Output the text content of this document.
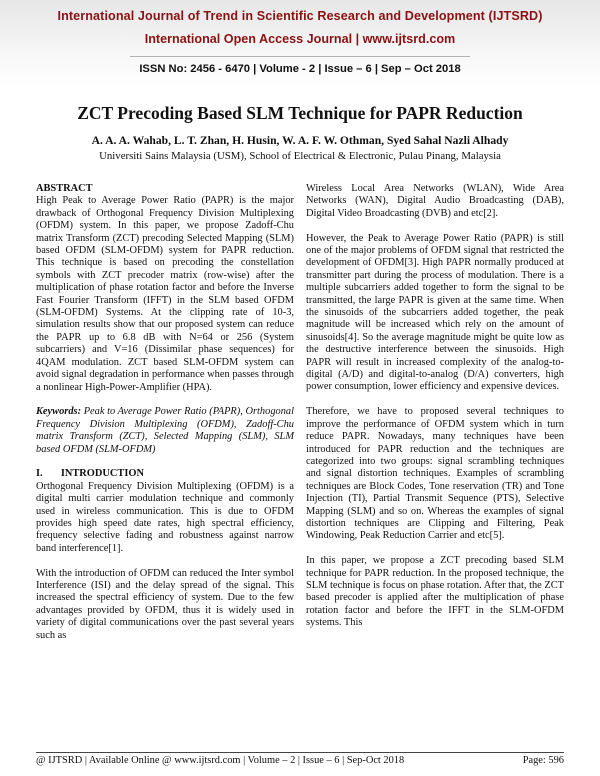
International Journal of Trend in Scientific Research and Development (IJTSRD)
International Open Access Journal | www.ijtsrd.com
ISSN No: 2456 - 6470 | Volume - 2 | Issue – 6 | Sep – Oct 2018
ZCT Precoding Based SLM Technique for PAPR Reduction
A. A. A. Wahab, L. T. Zhan, H. Husin, W. A. F. W. Othman, Syed Sahal Nazli Alhady
Universiti Sains Malaysia (USM), School of Electrical & Electronic, Pulau Pinang, Malaysia
ABSTRACT

High Peak to Average Power Ratio (PAPR) is the major drawback of Orthogonal Frequency Division Multiplexing (OFDM) system. In this paper, we propose Zadoff-Chu matrix Transform (ZCT) precoding Selected Mapping (SLM) based OFDM (SLM-OFDM) system for PAPR reduction. This technique is based on precoding the constellation symbols with ZCT precoder matrix (row-wise) after the multiplication of phase rotation factor and before the Inverse Fast Fourier Transform (IFFT) in the SLM based OFDM (SLM-OFDM) Systems. At the clipping rate of 10-3, simulation results show that our proposed system can reduce the PAPR up to 6.8 dB with N=64 or 256 (System subcarriers) and V=16 (Dissimilar phase sequences) for 4QAM modulation. ZCT based SLM-OFDM system can avoid signal degradation in performance when passes through a nonlinear High-Power-Amplifier (HPA).

Keywords: Peak to Average Power Ratio (PAPR), Orthogonal Frequency Division Multiplexing (OFDM), Zadoff-Chu matrix Transform (ZCT), Selected Mapping (SLM), SLM based OFDM (SLM-OFDM)

I.       INTRODUCTION

Orthogonal Frequency Division Multiplexing (OFDM) is a digital multi carrier modulation technique and commonly used in wireless communication. This is due to OFDM provides high speed date rates, high spectral efficiency, frequency selective fading and robustness against narrow band interference[1].

With the introduction of OFDM can reduced the Inter symbol Interference (ISI) and the delay spread of the signal. This increased the spectral efficiency of system. Due to the few advantages provided by OFDM, thus it is widely used in variety of digital communications over the past several years such as

Wireless Local Area Networks (WLAN), Wide Area Networks (WAN), Digital Audio Broadcasting (DAB), Digital Video Broadcasting (DVB) and etc[2].

However, the Peak to Average Power Ratio (PAPR) is still one of the major problems of OFDM signal that restricted the development of OFDM[3]. High PAPR normally produced at transmitter part during the process of modulation. There is a multiple subcarriers added together to form the signal to be transmitted, the large PAPR is given at the same time. When the sinusoids of the subcarriers added together, the peak magnitude will be increased which rely on the amount of sinusoids[4]. So the average magnitude might be quite low as the destructive interference between the sinusoids. High PAPR will result in increased complexity of the analog-to-digital (A/D) and digital-to-analog (D/A) converters, high power consumption, lower efficiency and expensive devices.

Therefore, we have to proposed several techniques to improve the performance of OFDM system which in turn reduce PAPR. Nowadays, many techniques have been introduced for PAPR reduction and the techniques are categorized into two groups: signal scrambling techniques and signal distortion techniques. Examples of scrambling techniques are Block Codes, Tone reservation (TR) and Tone Injection (TI), Partial Transmit Sequence (PTS), Selective Mapping (SLM) and so on. Whereas the examples of signal distortion techniques are Clipping and Filtering, Peak Windowing, Peak Reduction Carrier and etc[5].

In this paper, we propose a ZCT precoding based SLM technique for PAPR reduction. In the proposed technique, the SLM technique is focus on phase rotation. After that, the ZCT based precoder is applied after the multiplication of phase rotation factor and before the IFFT in the SLM-OFDM systems. This

@ IJTSRD | Available Online @ www.ijtsrd.com | Volume – 2 | Issue – 6 | Sep-Oct 2018	Page: 596
